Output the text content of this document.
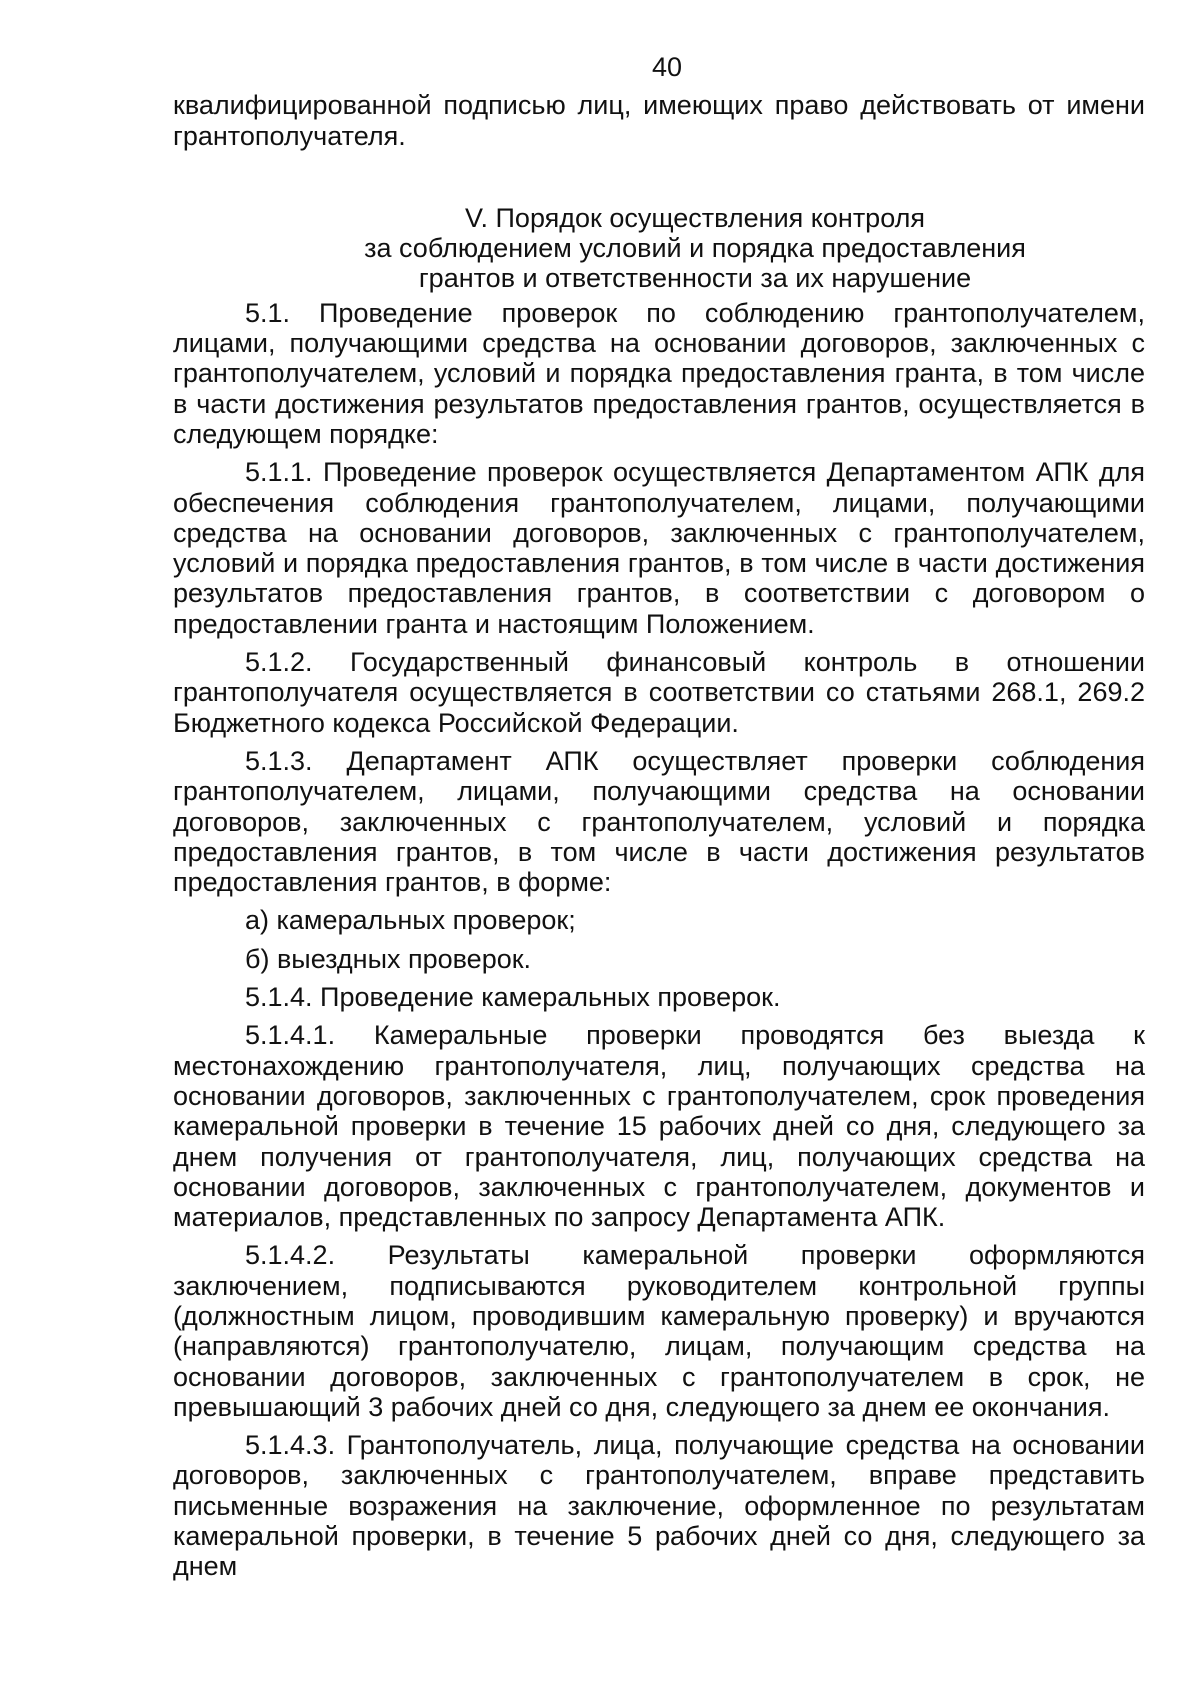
40

квалифицированной подписью лиц, имеющих право действовать от имени грантополучателя.

V. Порядок осуществления контроля
за соблюдением условий и порядка предоставления
грантов и ответственности за их нарушение

5.1. Проведение проверок по соблюдению грантополучателем, лицами, получающими средства на основании договоров, заключенных с грантополучателем, условий и порядка предоставления гранта, в том числе в части достижения результатов предоставления грантов, осуществляется в следующем порядке:

5.1.1. Проведение проверок осуществляется Департаментом АПК для обеспечения соблюдения грантополучателем, лицами, получающими средства на основании договоров, заключенных с грантополучателем, условий и порядка предоставления грантов, в том числе в части достижения результатов предоставления грантов, в соответствии с договором о предоставлении гранта и настоящим Положением.

5.1.2. Государственный финансовый контроль в отношении грантополучателя осуществляется в соответствии со статьями 268.1, 269.2 Бюджетного кодекса Российской Федерации.

5.1.3. Департамент АПК осуществляет проверки соблюдения грантополучателем, лицами, получающими средства на основании договоров, заключенных с грантополучателем, условий и порядка предоставления грантов, в том числе в части достижения результатов предоставления грантов, в форме:

а) камеральных проверок;

б) выездных проверок.

5.1.4. Проведение камеральных проверок.

5.1.4.1. Камеральные проверки проводятся без выезда к местонахождению грантополучателя, лиц, получающих средства на основании договоров, заключенных с грантополучателем, срок проведения камеральной проверки в течение 15 рабочих дней со дня, следующего за днем получения от грантополучателя, лиц, получающих средства на основании договоров, заключенных с грантополучателем, документов и материалов, представленных по запросу Департамента АПК.

5.1.4.2. Результаты камеральной проверки оформляются заключением, подписываются руководителем контрольной группы (должностным лицом, проводившим камеральную проверку) и вручаются (направляются) грантополучателю, лицам, получающим средства на основании договоров, заключенных с грантополучателем в срок, не превышающий 3 рабочих дней со дня, следующего за днем ее окончания.

5.1.4.3. Грантополучатель, лица, получающие средства на основании договоров, заключенных с грантополучателем, вправе представить письменные возражения на заключение, оформленное по результатам камеральной проверки, в течение 5 рабочих дней со дня, следующего за днем
